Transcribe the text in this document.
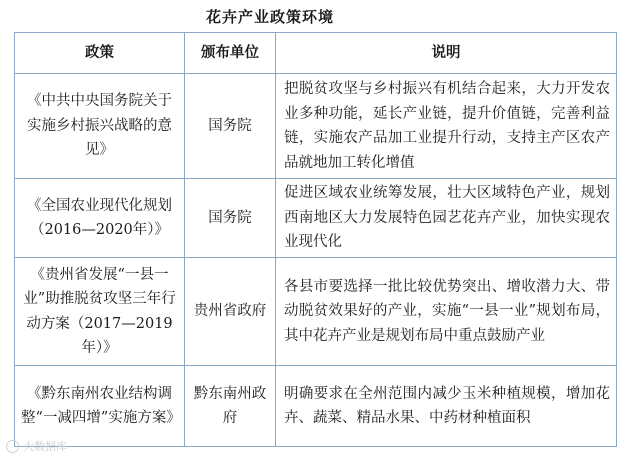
花卉产业政策环境
政策	颁布单位	说明
《中共中央国务院关于实施乡村振兴战略的意见》	国务院	把脱贫攻坚与乡村振兴有机结合起来，大力开发农业多种功能，延长产业链，提升价值链，完善利益链，实施农产品加工业提升行动，支持主产区农产品就地加工转化增值
《全国农业现代化规划（2016—2020年）》	国务院	促进区域农业统筹发展，壮大区域特色产业，规划西南地区大力发展特色园艺花卉产业，加快实现农业现代化
《贵州省发展“一县一业”助推脱贫攻坚三年行动方案（2017—2019年）》	贵州省政府	各县市要选择一批比较优势突出、增收潜力大、带动脱贫效果好的产业，实施“一县一业”规划布局，其中花卉产业是规划布局中重点鼓励产业
《黔东南州农业结构调整“一减四增”实施方案》	黔东南州政府	明确要求在全州范围内减少玉米种植规模，增加花卉、蔬菜、精品水果、中药材种植面积
大数据库
